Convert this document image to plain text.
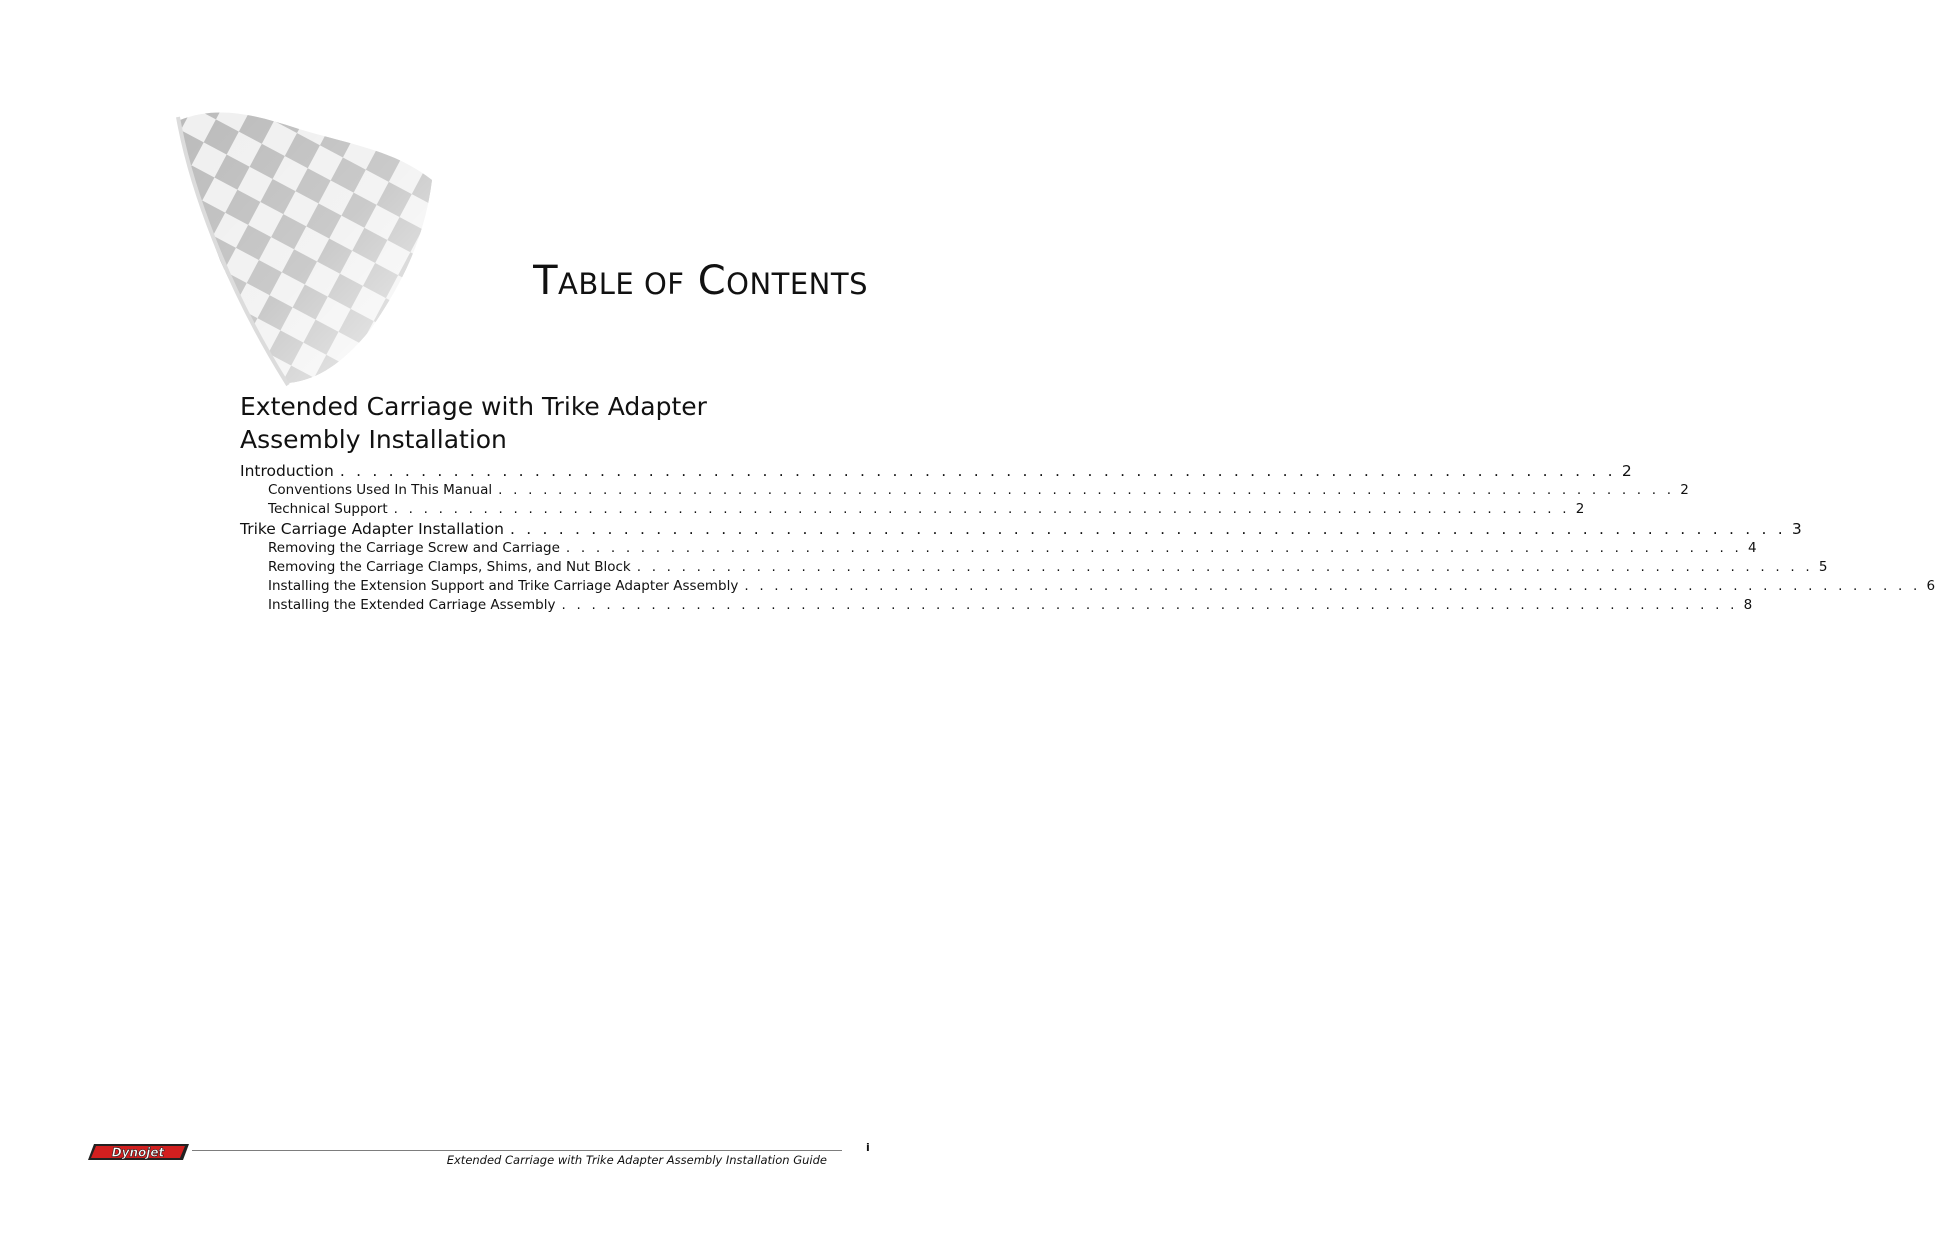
TABLE OF CONTENTS
Extended Carriage with Trike Adapter
Assembly Installation
Introduction . . . . . . . . . . . . . . . . . . . . . . . . . . . . . . . . . . . . . . . . . . . . . . . . . . . . . . . . . . . . . . . . . . . . . . . . . . . . . . . 2
Conventions Used In This Manual . . . . . . . . . . . . . . . . . . . . . . . . . . . . . . . . . . . . . . . . . . . . . . . . . . . . . . . . . . . . . . . . . . . . . . . . . . . . . . . 2
Technical Support . . . . . . . . . . . . . . . . . . . . . . . . . . . . . . . . . . . . . . . . . . . . . . . . . . . . . . . . . . . . . . . . . . . . . . . . . . . . . . . 2
Trike Carriage Adapter Installation . . . . . . . . . . . . . . . . . . . . . . . . . . . . . . . . . . . . . . . . . . . . . . . . . . . . . . . . . . . . . . . . . . . . . . . . . . . . . . . 3
Removing the Carriage Screw and Carriage . . . . . . . . . . . . . . . . . . . . . . . . . . . . . . . . . . . . . . . . . . . . . . . . . . . . . . . . . . . . . . . . . . . . . . . . . . . . . . . 4
Removing the Carriage Clamps, Shims, and Nut Block . . . . . . . . . . . . . . . . . . . . . . . . . . . . . . . . . . . . . . . . . . . . . . . . . . . . . . . . . . . . . . . . . . . . . . . . . . . . . . . 5
Installing the Extension Support and Trike Carriage Adapter Assembly . . . . . . . . . . . . . . . . . . . . . . . . . . . . . . . . . . . . . . . . . . . . . . . . . . . . . . . . . . . . . . . . . . . . . . . . . . . . . . . 6
Installing the Extended Carriage Assembly . . . . . . . . . . . . . . . . . . . . . . . . . . . . . . . . . . . . . . . . . . . . . . . . . . . . . . . . . . . . . . . . . . . . . . . . . . . . . . . 8
Dynojet

Extended Carriage with Trike Adapter Assembly Installation Guide

i
